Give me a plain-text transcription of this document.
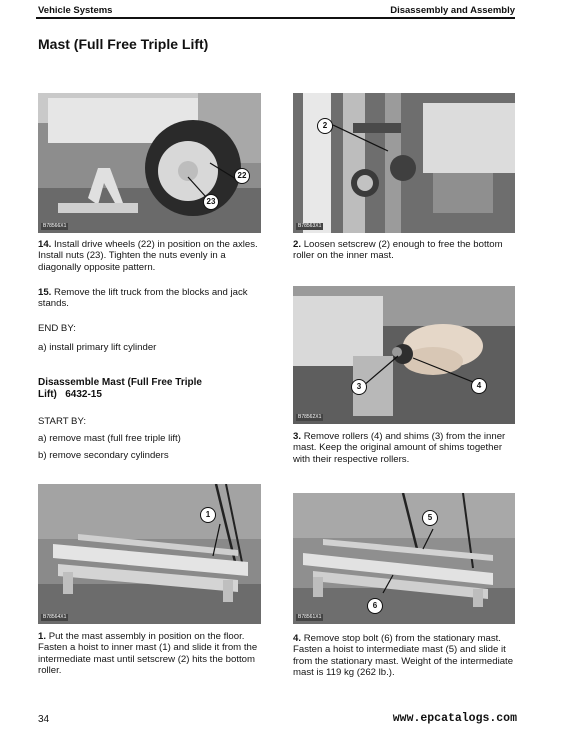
Vehicle Systems	Disassembly and Assembly
Mast (Full Free Triple Lift)
22
23
B78566X1
2
B78563X1
14. Install drive wheels (22) in position on the axles. Install nuts (23). Tighten the nuts evenly in a diagonally opposite pattern.
15. Remove the lift truck from the blocks and jack stands.
END BY:
a) install primary lift cylinder
Disassemble Mast (Full Free Triple
Lift) 6432-15
START BY:
a) remove mast (full free triple lift)
b) remove secondary cylinders
3	4
B78562X1
2. Loosen setscrew (2) enough to free the bottom roller on the inner mast.
3. Remove rollers (4) and shims (3) from the inner mast. Keep the original amount of shims together with their respective rollers.
1
B78564X1
5
6
B78561X1
1. Put the mast assembly in position on the floor. Fasten a hoist to inner mast (1) and slide it from the intermediate mast until setscrew (2) hits the bottom roller.
4. Remove stop bolt (6) from the stationary mast. Fasten a hoist to intermediate mast (5) and slide it from the stationary mast. Weight of the intermediate mast is 119 kg (262 lb.).
34	www.epcatalogs.com
